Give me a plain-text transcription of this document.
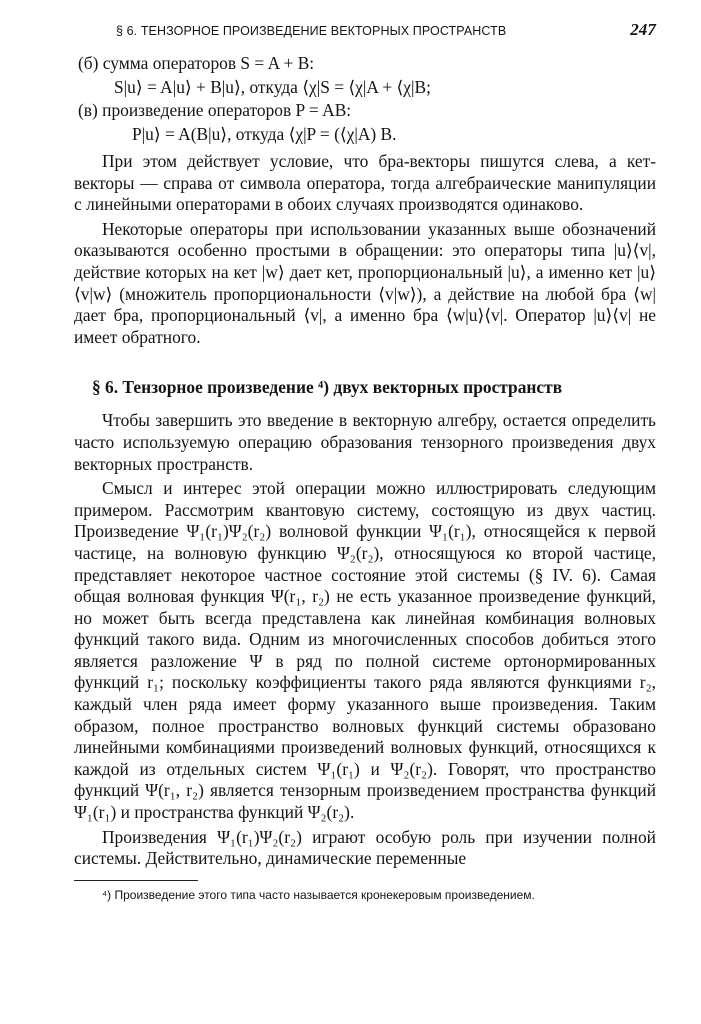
§ 6. ТЕНЗОРНОЕ ПРОИЗВЕДЕНИЕ ВЕКТОРНЫХ ПРОСТРАНСТВ	247
(б) сумма операторов S = A + B:
S|u⟩ = A|u⟩ + B|u⟩, откуда ⟨χ|S = ⟨χ|A + ⟨χ|B;
(в) произведение операторов P = AB:
P|u⟩ = A(B|u⟩, откуда ⟨χ|P = (⟨χ|A) B.

При этом действует условие, что бра-векторы пишутся слева, а кет-векторы — справа от символа оператора, тогда алгебраические манипуляции с линейными операторами в обоих случаях производятся одинаково.

Некоторые операторы при использовании указанных выше обозначений оказываются особенно простыми в обращении: это операторы типа |u⟩⟨v|, действие которых на кет |w⟩ дает кет, пропорциональный |u⟩, а именно кет |u⟩⟨v|w⟩ (множитель пропорциональности ⟨v|w⟩), а действие на любой бра ⟨w| дает бра, пропорциональный ⟨v|, а именно бра ⟨w|u⟩⟨v|. Оператор |u⟩⟨v| не имеет обратного.

§ 6. Тензорное произведение ⁴) двух векторных пространств

Чтобы завершить это введение в векторную алгебру, остается определить часто используемую операцию образования тензорного произведения двух векторных пространств.

Смысл и интерес этой операции можно иллюстрировать следующим примером. Рассмотрим квантовую систему, состоящую из двух частиц. Произведение Ψ₁(r₁)Ψ₂(r₂) волновой функции Ψ₁(r₁), относящейся к первой частице, на волновую функцию Ψ₂(r₂), относящуюся ко второй частице, представляет некоторое частное состояние этой системы (§ IV. 6). Самая общая волновая функция Ψ(r₁, r₂) не есть указанное произведение функций, но может быть всегда представлена как линейная комбинация волновых функций такого вида. Одним из многочисленных способов добиться этого является разложение Ψ в ряд по полной системе ортонормированных функций r₁; поскольку коэффициенты такого ряда являются функциями r₂, каждый член ряда имеет форму указанного выше произведения. Таким образом, полное пространство волновых функций системы образовано линейными комбинациями произведений волновых функций, относящихся к каждой из отдельных систем Ψ₁(r₁) и Ψ₂(r₂). Говорят, что пространство функций Ψ(r₁, r₂) является тензорным произведением пространства функций Ψ₁(r₁) и пространства функций Ψ₂(r₂).

Произведения Ψ₁(r₁)Ψ₂(r₂) играют особую роль при изучении полной системы. Действительно, динамические переменные

⁴) Произведение этого типа часто называется кронекеровым произведением.
